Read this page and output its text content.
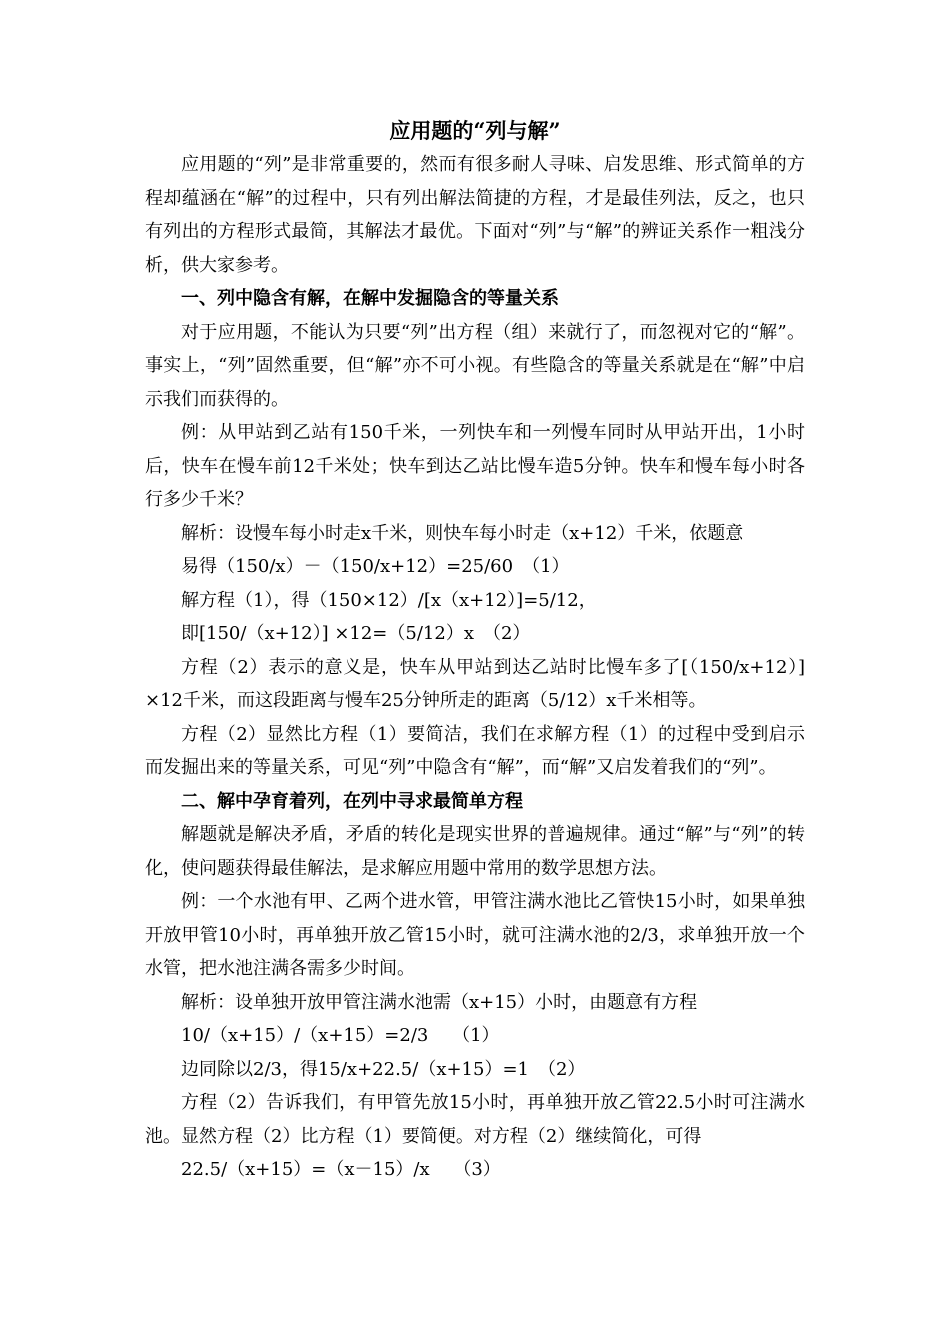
应用题的“列与解”

应用题的“列”是非常重要的，然而有很多耐人寻味、启发思维、形式简单的方程却蕴涵在“解”的过程中，只有列出解法简捷的方程，才是最佳列法，反之，也只有列出的方程形式最简，其解法才最优。下面对“列”与“解”的辨证关系作一粗浅分析，供大家参考。

一、列中隐含有解，在解中发掘隐含的等量关系

对于应用题，不能认为只要“列”出方程（组）来就行了，而忽视对它的“解”。事实上，“列”固然重要，但“解”亦不可小视。有些隐含的等量关系就是在“解”中启示我们而获得的。

例：从甲站到乙站有150千米，一列快车和一列慢车同时从甲站开出，1小时后，快车在慢车前12千米处；快车到达乙站比慢车造5分钟。快车和慢车每小时各行多少千米？

解析：设慢车每小时走x千米，则快车每小时走（x+12）千米，依题意

易得（150/x）－（150/x+12）=25/60　（1）

解方程（1），得（150×12）/[x（x+12）]=5/12，

即[150/（x+12）] ×12=（5/12）x　（2）

方程（2）表示的意义是，快车从甲站到达乙站时比慢车多了[（150/x+12）] ×12千米，而这段距离与慢车25分钟所走的距离（5/12）x千米相等。

方程（2）显然比方程（1）要简洁，我们在求解方程（1）的过程中受到启示而发掘出来的等量关系，可见“列”中隐含有“解”，而“解”又启发着我们的“列”。

二、解中孕育着列，在列中寻求最简单方程

解题就是解决矛盾，矛盾的转化是现实世界的普遍规律。通过“解”与“列”的转化，使问题获得最佳解法，是求解应用题中常用的数学思想方法。

例：一个水池有甲、乙两个进水管，甲管注满水池比乙管快15小时，如果单独开放甲管10小时，再单独开放乙管15小时，就可注满水池的2/3，求单独开放一个水管，把水池注满各需多少时间。

解析：设单独开放甲管注满水池需（x+15）小时，由题意有方程

10/（x+15）/（x+15）=2/3　 （1）

边同除以2/3，得15/x+22.5/（x+15）=1　（2）

方程（2）告诉我们，有甲管先放15小时，再单独开放乙管22.5小时可注满水池。显然方程（2）比方程（1）要简便。对方程（2）继续简化，可得

22.5/（x+15）=（x－15）/x　 （3）
